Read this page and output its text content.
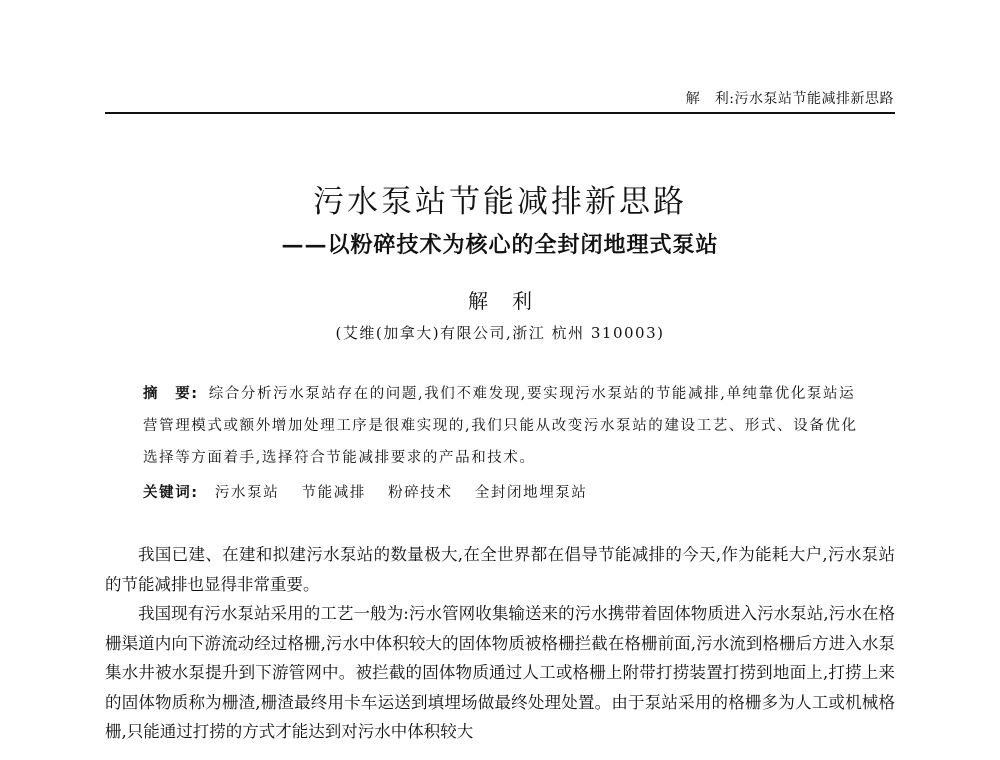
解　利:污水泵站节能减排新思路
污水泵站节能减排新思路
——以粉碎技术为核心的全封闭地理式泵站
解利
(艾维(加拿大)有限公司,浙江 杭州 310003)
摘　要: 综合分析污水泵站存在的问题,我们不难发现,要实现污水泵站的节能减排,单纯靠优化泵站运营管理模式或额外增加处理工序是很难实现的,我们只能从改变污水泵站的建设工艺、形式、设备优化选择等方面着手,选择符合节能减排要求的产品和技术。
关键词: 污水泵站 节能减排 粉碎技术 全封闭地埋泵站

我国已建、在建和拟建污水泵站的数量极大,在全世界都在倡导节能减排的今天,作为能耗大户,污水泵站的节能减排也显得非常重要。

我国现有污水泵站采用的工艺一般为:污水管网收集输送来的污水携带着固体物质进入污水泵站,污水在格栅渠道内向下游流动经过格栅,污水中体积较大的固体物质被格栅拦截在格栅前面,污水流到格栅后方进入水泵集水井被水泵提升到下游管网中。被拦截的固体物质通过人工或格栅上附带打捞装置打捞到地面上,打捞上来的固体物质称为栅渣,栅渣最终用卡车运送到填埋场做最终处理处置。由于泵站采用的格栅多为人工或机械格栅,只能通过打捞的方式才能达到对污水中体积较大
